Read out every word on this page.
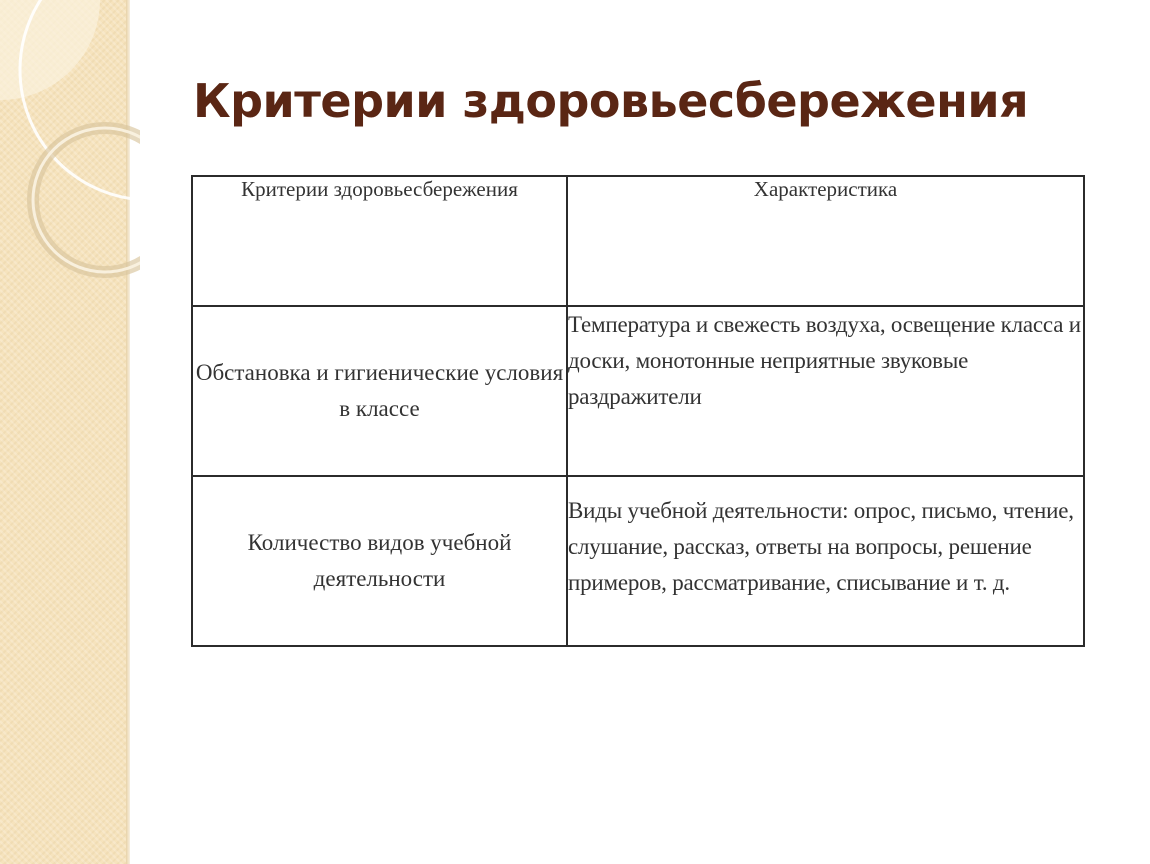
Критерии здоровьесбережения
Критерии здоровьесбережения	Характеристика
Обстановка и гигиенические условия в классе	Температура и свежесть воздуха, освещение класса и доски, монотонные неприятные звуковые раздражители
Количество видов учебной деятельности	Виды учебной деятельности: опрос, письмо, чтение, слушание, рассказ, ответы на вопросы, решение примеров, рассматривание, списывание и т. д.
